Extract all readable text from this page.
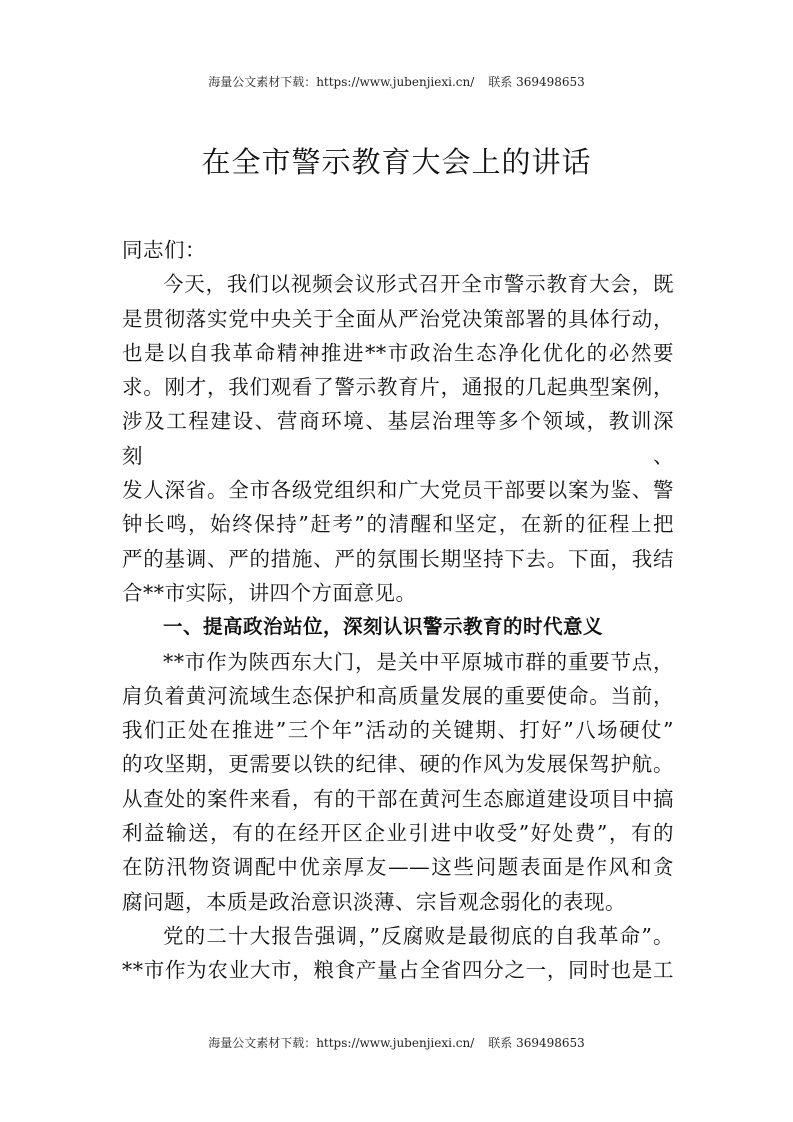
海量公文素材下载：https://www.jubenjiexi.cn/ 联系 369498653
在全市警示教育大会上的讲话

同志们：

今天，我们以视频会议形式召开全市警示教育大会，既
是贯彻落实党中央关于全面从严治党决策部署的具体行动，
也是以自我革命精神推进**市政治生态净化优化的必然要
求。刚才，我们观看了警示教育片，通报的几起典型案例，
涉及工程建设、营商环境、基层治理等多个领域，教训深刻、
发人深省。全市各级党组织和广大党员干部要以案为鉴、警
钟长鸣，始终保持”赶考”的清醒和坚定，在新的征程上把
严的基调、严的措施、严的氛围长期坚持下去。下面，我结
合**市实际，讲四个方面意见。

一、提高政治站位，深刻认识警示教育的时代意义

**市作为陕西东大门，是关中平原城市群的重要节点，
肩负着黄河流域生态保护和高质量发展的重要使命。当前，
我们正处在推进”三个年”活动的关键期、打好”八场硬仗”
的攻坚期，更需要以铁的纪律、硬的作风为发展保驾护航。
从查处的案件来看，有的干部在黄河生态廊道建设项目中搞
利益输送，有的在经开区企业引进中收受”好处费”，有的
在防汛物资调配中优亲厚友——这些问题表面是作风和贪
腐问题，本质是政治意识淡薄、宗旨观念弱化的表现。

党的二十大报告强调，”反腐败是最彻底的自我革命”。
**市作为农业大市，粮食产量占全省四分之一，同时也是工

海量公文素材下载：https://www.jubenjiexi.cn/ 联系 369498653
